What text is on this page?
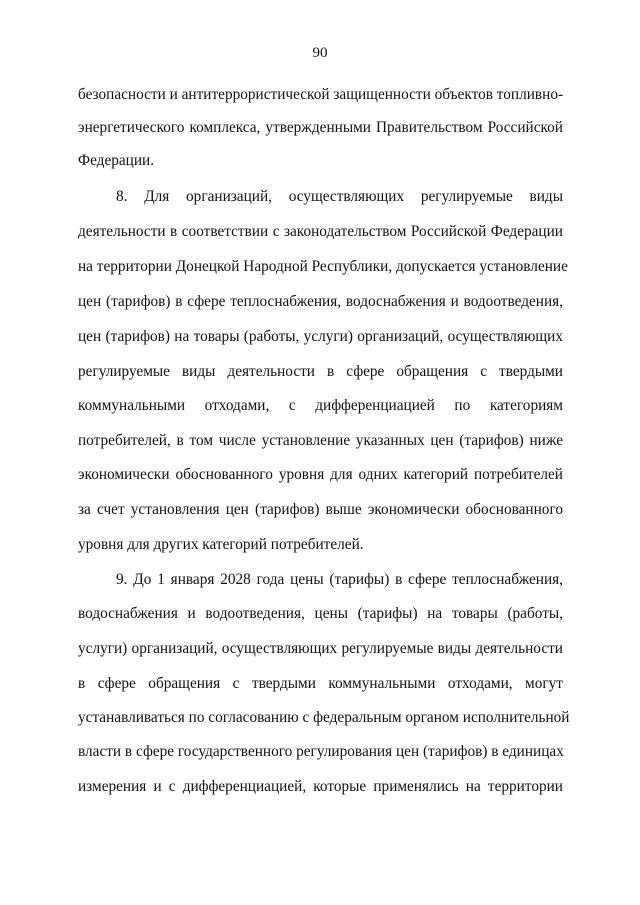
90
безопасности и антитеррористической защищенности объектов топливно-
энергетического комплекса, утвержденными Правительством Российской
Федерации.
8. Для организаций, осуществляющих регулируемые виды
деятельности в соответствии с законодательством Российской Федерации
на территории Донецкой Народной Республики, допускается установление
цен (тарифов) в сфере теплоснабжения, водоснабжения и водоотведения,
цен (тарифов) на товары (работы, услуги) организаций, осуществляющих
регулируемые виды деятельности в сфере обращения с твердыми
коммунальными отходами, с дифференциацией по категориям
потребителей, в том числе установление указанных цен (тарифов) ниже
экономически обоснованного уровня для одних категорий потребителей
за счет установления цен (тарифов) выше экономически обоснованного
уровня для других категорий потребителей.
9. До 1 января 2028 года цены (тарифы) в сфере теплоснабжения,
водоснабжения и водоотведения, цены (тарифы) на товары (работы,
услуги) организаций, осуществляющих регулируемые виды деятельности
в сфере обращения с твердыми коммунальными отходами, могут
устанавливаться по согласованию с федеральным органом исполнительной
власти в сфере государственного регулирования цен (тарифов) в единицах
измерения и с дифференциацией, которые применялись на территории
